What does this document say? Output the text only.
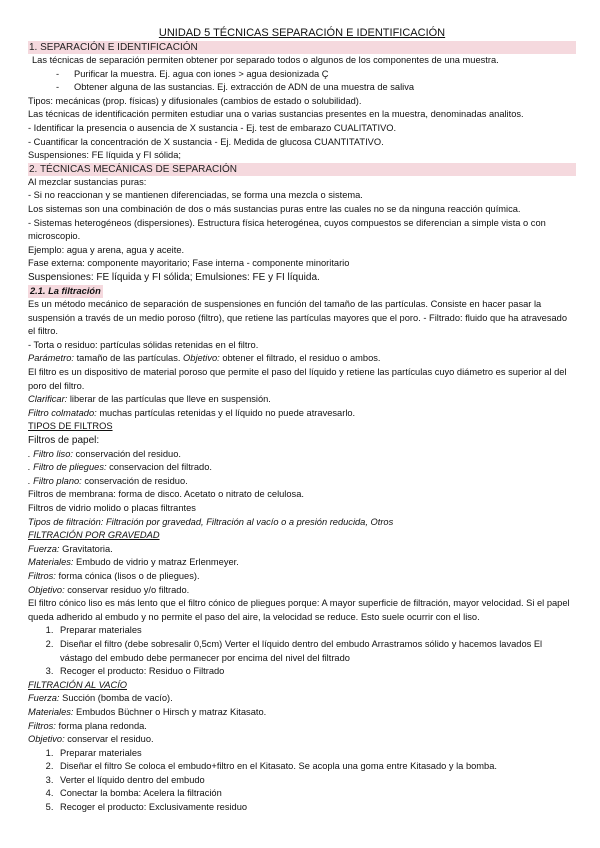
UNIDAD 5 TÉCNICAS SEPARACIÓN E IDENTIFICACIÓN
1. SEPARACIÓN E IDENTIFICACIÓN
Las técnicas de separación permiten obtener por separado todos o algunos de los componentes de una muestra.
- Purificar la muestra. Ej. agua con iones > agua desionizada Ç
- Obtener alguna de las sustancias. Ej. extracción de ADN de una muestra de saliva
Tipos: mecánicas (prop. físicas) y difusionales (cambios de estado o solubilidad).
Las técnicas de identificación permiten estudiar una o varias sustancias presentes en la muestra, denominadas analitos.
- Identificar la presencia o ausencia de X sustancia - Ej. test de embarazo CUALITATIVO.
- Cuantificar la concentración de X sustancia - Ej. Medida de glucosa CUANTITATIVO.
Suspensiones: FE líquida y FI sólida;
2. TÉCNICAS MECÁNICAS DE SEPARACIÓN
Al mezclar sustancias puras:
- Si no reaccionan y se mantienen diferenciadas, se forma una mezcla o sistema.
Los sistemas son una combinación de dos o más sustancias puras entre las cuales no se da ninguna reacción química.
- Sistemas heterogéneos (dispersiones). Estructura física heterogénea, cuyos compuestos se diferencian a simple vista o con microscopio.
Ejemplo: agua y arena, agua y aceite.
Fase externa: componente mayoritario; Fase interna - componente minoritario
Suspensiones: FE líquida y FI sólida; Emulsiones: FE y FI líquida.
2.1. La filtración
Es un método mecánico de separación de suspensiones en función del tamaño de las partículas. Consiste en hacer pasar la suspensión a través de un medio poroso (filtro), que retiene las partículas mayores que el poro. - Filtrado: fluido que ha atravesado el filtro.
- Torta o residuo: partículas sólidas retenidas en el filtro.
Parámetro: tamaño de las partículas. Objetivo: obtener el filtrado, el residuo o ambos.
El filtro es un dispositivo de material poroso que permite el paso del líquido y retiene las partículas cuyo diámetro es superior al del poro del filtro.
Clarificar: liberar de las partículas que lleve en suspensión.
Filtro colmatado: muchas partículas retenidas y el líquido no puede atravesarlo.
TIPOS DE FILTROS
Filtros de papel:
. Filtro liso: conservación del residuo.
. Filtro de pliegues: conservacion del filtrado.
. Filtro plano: conservación de residuo.
Filtros de membrana: forma de disco. Acetato o nitrato de celulosa.
Filtros de vidrio molido o placas filtrantes
Tipos de filtración: Filtración por gravedad, Filtración al vacío o a presión reducida, Otros
FILTRACIÓN POR GRAVEDAD
Fuerza: Gravitatoria.
Materiales: Embudo de vidrio y matraz Erlenmeyer.
Filtros: forma cónica (lisos o de pliegues).
Objetivo: conservar residuo y/o filtrado.
El filtro cónico liso es más lento que el filtro cónico de pliegues porque: A mayor superficie de filtración, mayor velocidad. Si el papel queda adherido al embudo y no permite el paso del aire, la velocidad se reduce. Esto suele ocurrir con el liso.
1. Preparar materiales
2. Diseñar el filtro (debe sobresalir 0,5cm) Verter el líquido dentro del embudo Arrastramos sólido y hacemos lavados El vástago del embudo debe permanecer por encima del nivel del filtrado
3. Recoger el producto: Residuo o Filtrado
FILTRACIÓN AL VACÍO
Fuerza: Succión (bomba de vacío).
Materiales: Embudos Büchner o Hirsch y matraz Kitasato.
Filtros: forma plana redonda.
Objetivo: conservar el residuo.
1. Preparar materiales
2. Diseñar el filtro Se coloca el embudo+filtro en el Kitasato. Se acopla una goma entre Kitasado y la bomba.
3. Verter el líquido dentro del embudo
4. Conectar la bomba: Acelera la filtración
5. Recoger el producto: Exclusivamente residuo
